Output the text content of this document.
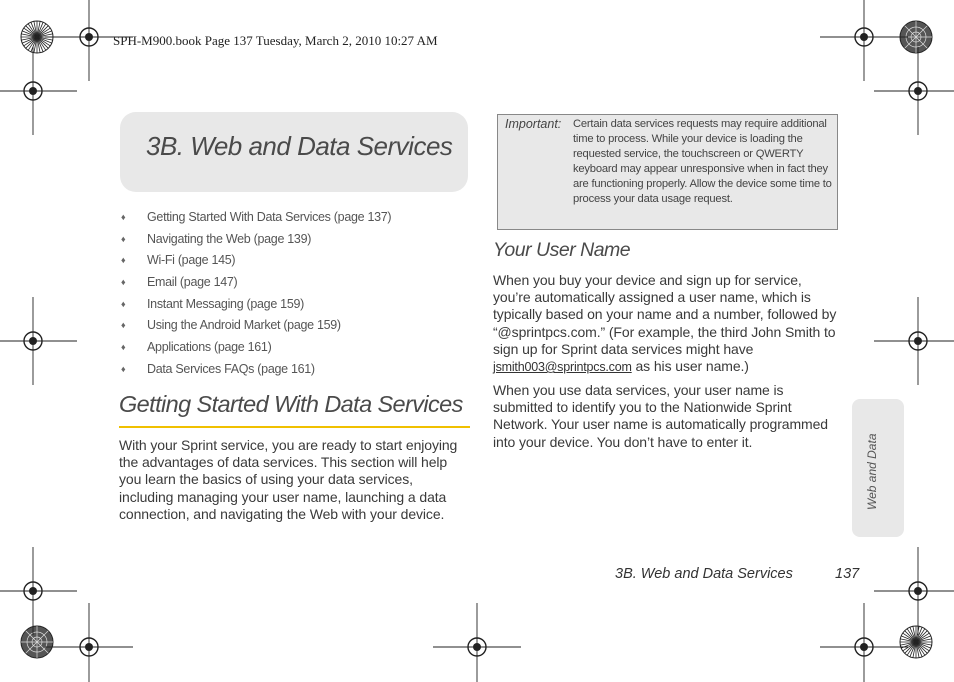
SPH-M900.book Page 137 Tuesday, March 2, 2010 10:27 AM
3B. Web and Data Services
♦	Getting Started With Data Services (page 137)
♦	Navigating the Web (page 139)
♦	Wi-Fi (page 145)
♦	Email (page 147)
♦	Instant Messaging (page 159)
♦	Using the Android Market (page 159)
♦	Applications (page 161)
♦	Data Services FAQs (page 161)
Getting Started With Data Services

With your Sprint service, you are ready to start enjoying the advantages of data services. This section will help you learn the basics of using your data services, including managing your user name, launching a data connection, and navigating the Web with your device.

Important: Certain data services requests may require additional time to process. While your device is loading the requested service, the touchscreen or QWERTY keyboard may appear unresponsive when in fact they are functioning properly. Allow the device some time to process your data usage request.

Your User Name

When you buy your device and sign up for service, you’re automatically assigned a user name, which is typically based on your name and a number, followed by “@sprintpcs.com.” (For example, the third John Smith to sign up for Sprint data services might have jsmith003@sprintpcs.com as his user name.)

When you use data services, your user name is submitted to identify you to the Nationwide Sprint Network. Your user name is automatically programmed into your device. You don’t have to enter it.	Web and Data
3B. Web and Data Services	137
